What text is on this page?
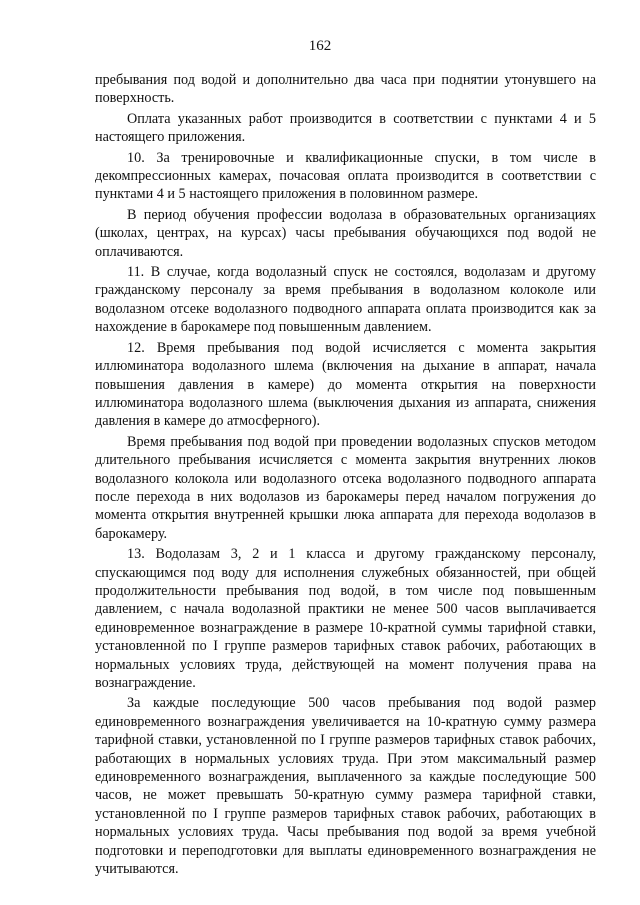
162

пребывания под водой и дополнительно два часа при поднятии утонувшего на поверхность.

Оплата указанных работ производится в соответствии с пунктами 4 и 5 настоящего приложения.

10. За тренировочные и квалификационные спуски, в том числе в декомпрессионных камерах, почасовая оплата производится в соответствии с пунктами 4 и 5 настоящего приложения в половинном размере.

В период обучения профессии водолаза в образовательных организациях (школах, центрах, на курсах) часы пребывания обучающихся под водой не оплачиваются.

11. В случае, когда водолазный спуск не состоялся, водолазам и другому гражданскому персоналу за время пребывания в водолазном колоколе или водолазном отсеке водолазного подводного аппарата оплата производится как за нахождение в барокамере под повышенным давлением.

12. Время пребывания под водой исчисляется с момента закрытия иллюминатора водолазного шлема (включения на дыхание в аппарат, начала повышения давления в камере) до момента открытия на поверхности иллюминатора водолазного шлема (выключения дыхания из аппарата, снижения давления в камере до атмосферного).

Время пребывания под водой при проведении водолазных спусков методом длительного пребывания исчисляется с момента закрытия внутренних люков водолазного колокола или водолазного отсека водолазного подводного аппарата после перехода в них водолазов из барокамеры перед началом погружения до момента открытия внутренней крышки люка аппарата для перехода водолазов в барокамеру.

13. Водолазам 3, 2 и 1 класса и другому гражданскому персоналу, спускающимся под воду для исполнения служебных обязанностей, при общей продолжительности пребывания под водой, в том числе под повышенным давлением, с начала водолазной практики не менее 500 часов выплачивается единовременное вознаграждение в размере 10-кратной суммы тарифной ставки, установленной по I группе размеров тарифных ставок рабочих, работающих в нормальных условиях труда, действующей на момент получения права на вознаграждение.

За каждые последующие 500 часов пребывания под водой размер единовременного вознаграждения увеличивается на 10-кратную сумму размера тарифной ставки, установленной по I группе размеров тарифных ставок рабочих, работающих в нормальных условиях труда. При этом максимальный размер единовременного вознаграждения, выплаченного за каждые последующие 500 часов, не может превышать 50-кратную сумму размера тарифной ставки, установленной по I группе размеров тарифных ставок рабочих, работающих в нормальных условиях труда. Часы пребывания под водой за время учебной подготовки и переподготовки для выплаты единовременного вознаграждения не учитываются.
